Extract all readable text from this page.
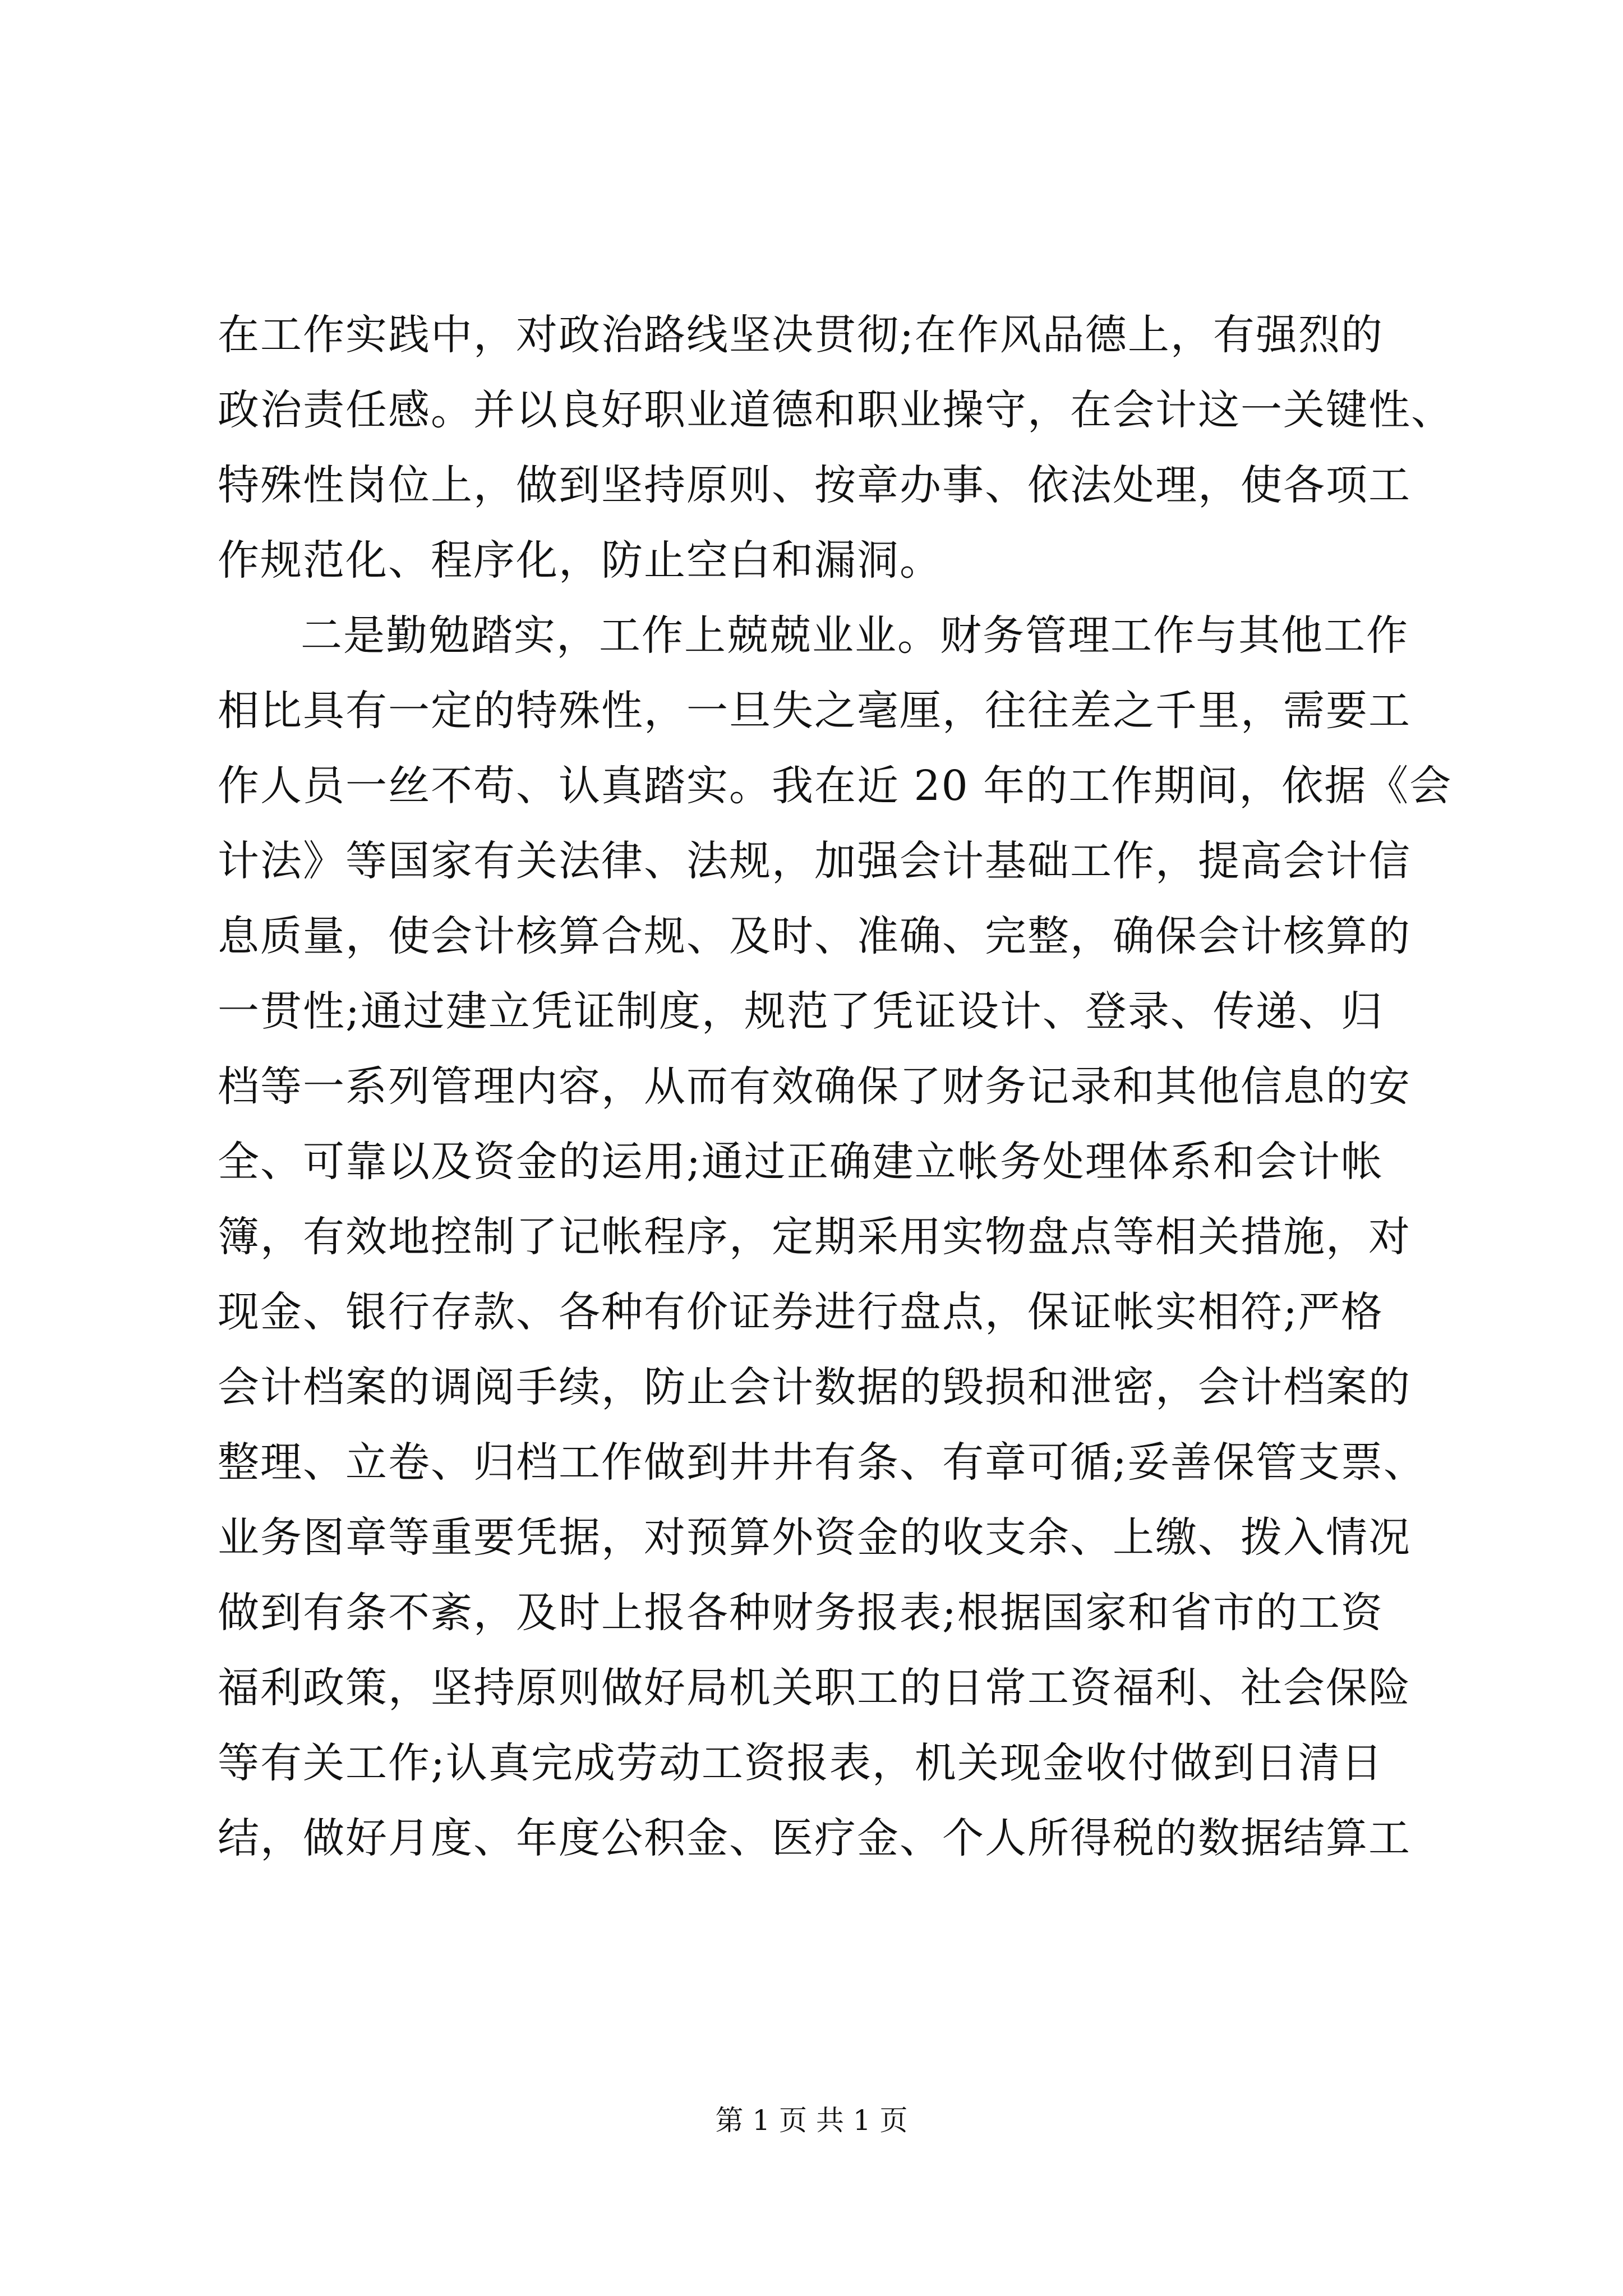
在工作实践中，对政治路线坚决贯彻;在作风品德上，有强烈的
政治责任感。并以良好职业道德和职业操守，在会计这一关键性、
特殊性岗位上，做到坚持原则、按章办事、依法处理，使各项工
作规范化、程序化，防止空白和漏洞。
二是勤勉踏实，工作上兢兢业业。财务管理工作与其他工作
相比具有一定的特殊性，一旦失之毫厘，往往差之千里，需要工
作人员一丝不苟、认真踏实。我在近 20 年的工作期间，依据《会
计法》等国家有关法律、法规，加强会计基础工作，提高会计信
息质量，使会计核算合规、及时、准确、完整，确保会计核算的
一贯性;通过建立凭证制度，规范了凭证设计、登录、传递、归
档等一系列管理内容，从而有效确保了财务记录和其他信息的安
全、可靠以及资金的运用;通过正确建立帐务处理体系和会计帐
簿，有效地控制了记帐程序，定期采用实物盘点等相关措施，对
现金、银行存款、各种有价证券进行盘点，保证帐实相符;严格
会计档案的调阅手续，防止会计数据的毁损和泄密，会计档案的
整理、立卷、归档工作做到井井有条、有章可循;妥善保管支票、
业务图章等重要凭据，对预算外资金的收支余、上缴、拨入情况
做到有条不紊，及时上报各种财务报表;根据国家和省市的工资
福利政策，坚持原则做好局机关职工的日常工资福利、社会保险
等有关工作;认真完成劳动工资报表，机关现金收付做到日清日
结，做好月度、年度公积金、医疗金、个人所得税的数据结算工
第 1 页 共 1 页
